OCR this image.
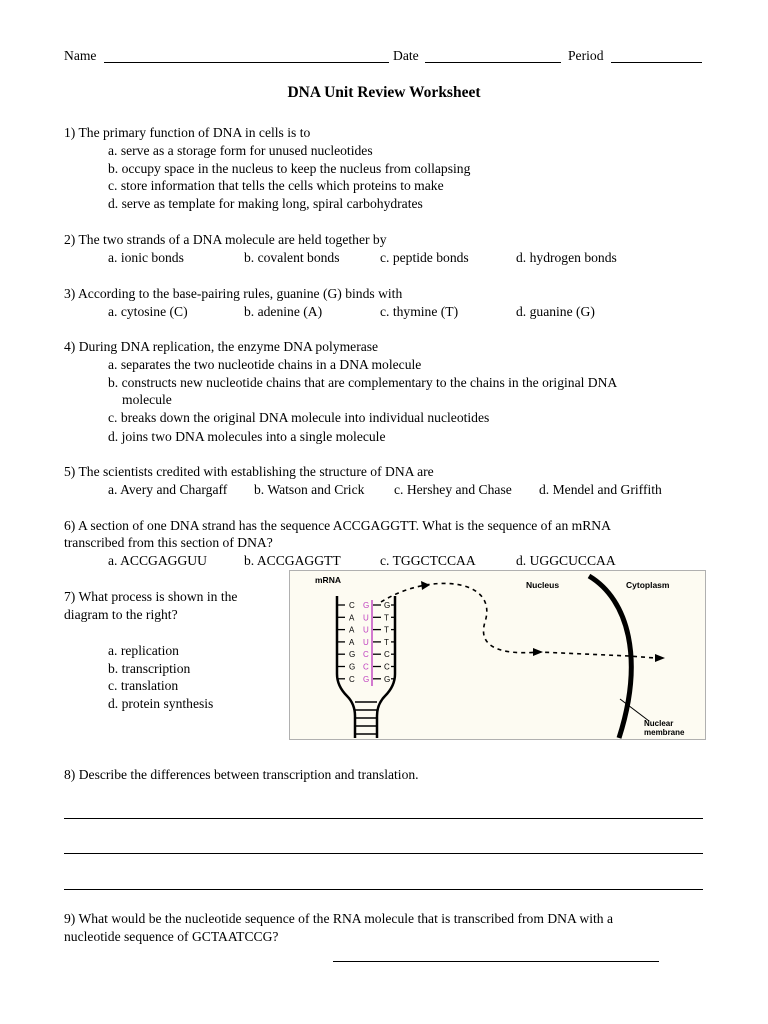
Name	Date	Period
DNA Unit Review Worksheet
1) The primary function of DNA in cells is to
a. serve as a storage form for unused nucleotides
b. occupy space in the nucleus to keep the nucleus from collapsing
c. store information that tells the cells which proteins to make
d. serve as template for making long, spiral carbohydrates
2) The two strands of a DNA molecule are held together by
a. ionic bonds	b. covalent bonds	c. peptide bonds	d. hydrogen bonds
3) According to the base-pairing rules, guanine (G) binds with
a. cytosine (C)	b. adenine (A)	c. thymine (T)	d. guanine (G)
4) During DNA replication, the enzyme DNA polymerase
a. separates the two nucleotide chains in a DNA molecule
b. constructs new nucleotide chains that are complementary to the chains in the original DNA
molecule
c. breaks down the original DNA molecule into individual nucleotides
d. joins two DNA molecules into a single molecule
5) The scientists credited with establishing the structure of DNA are
a. Avery and Chargaff b. Watson and Crick c. Hershey and Chase d. Mendel and Griffith
6) A section of one DNA strand has the sequence ACCGAGGTT. What is the sequence of an mRNA
transcribed from this section of DNA?
a. ACCGAGGUU	b. ACCGAGGTT	c. TGGCTCCAA	d. UGGCUCCAA
7) What process is shown in the
diagram to the right?
a. replication
b. transcription
c. translation
d. protein synthesis
C G G
A U T
A U T
A U T
G C C
G C C
C G G
mRNA	Nucleus	Cytoplasm
Nuclear
membrane
8) Describe the differences between transcription and translation.
9) What would be the nucleotide sequence of the RNA molecule that is transcribed from DNA with a
nucleotide sequence of GCTAATCCG?
